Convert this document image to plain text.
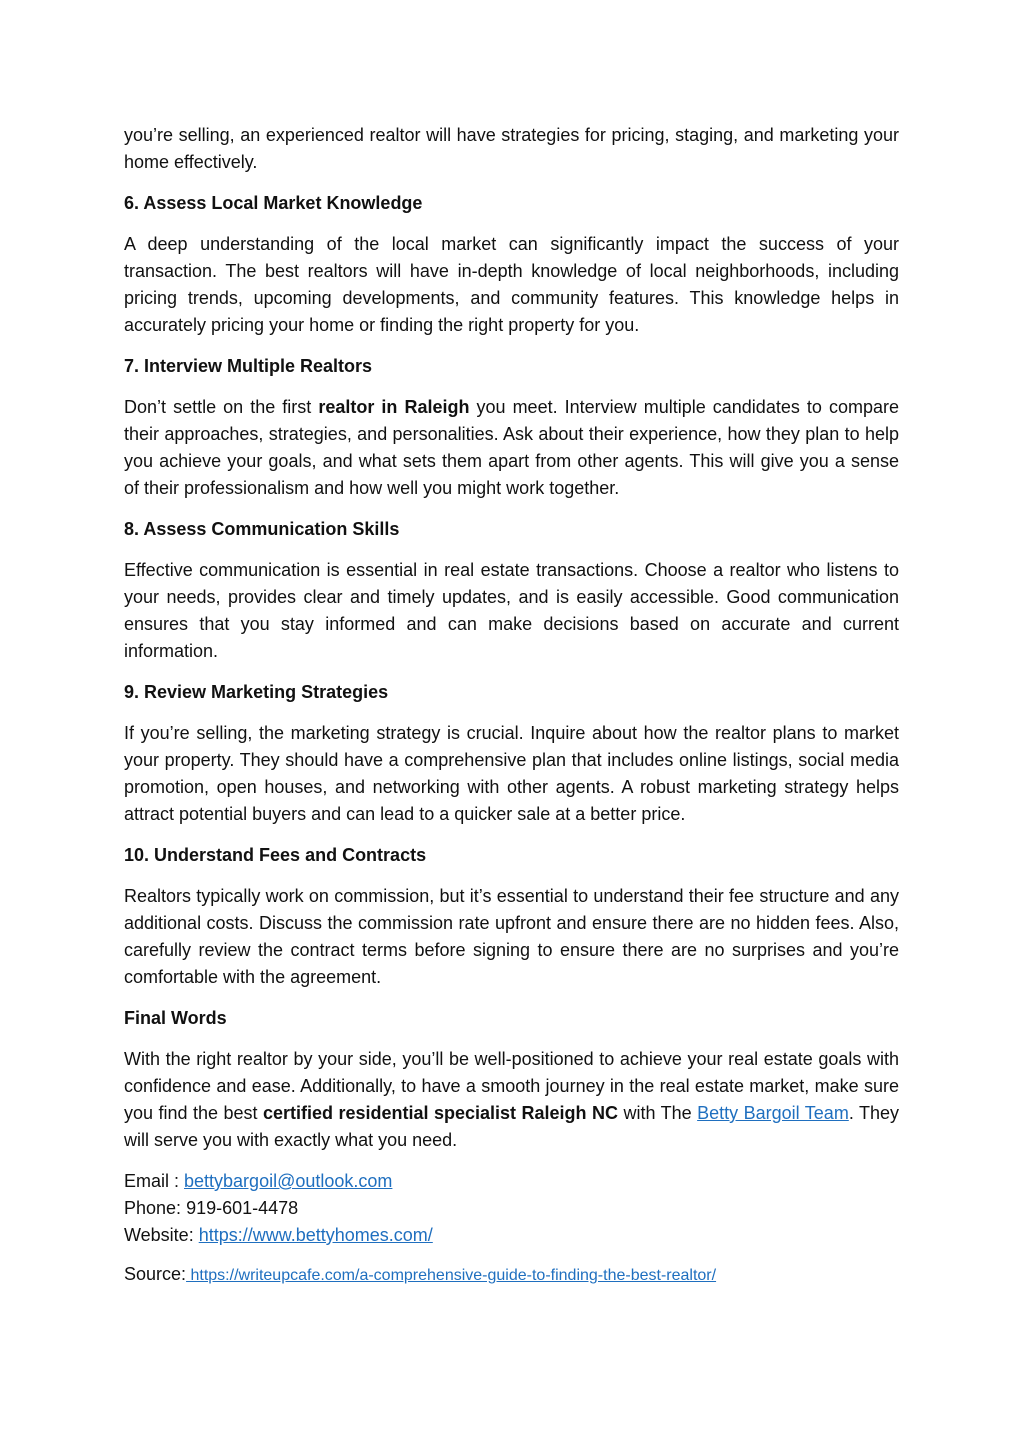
you’re selling, an experienced realtor will have strategies for pricing, staging, and marketing your home effectively.

6. Assess Local Market Knowledge

A deep understanding of the local market can significantly impact the success of your transaction. The best realtors will have in-depth knowledge of local neighborhoods, including pricing trends, upcoming developments, and community features. This knowledge helps in accurately pricing your home or finding the right property for you.

7. Interview Multiple Realtors

Don’t settle on the first realtor in Raleigh you meet. Interview multiple candidates to compare their approaches, strategies, and personalities. Ask about their experience, how they plan to help you achieve your goals, and what sets them apart from other agents. This will give you a sense of their professionalism and how well you might work together.

8. Assess Communication Skills

Effective communication is essential in real estate transactions. Choose a realtor who listens to your needs, provides clear and timely updates, and is easily accessible. Good communication ensures that you stay informed and can make decisions based on accurate and current information.

9. Review Marketing Strategies

If you’re selling, the marketing strategy is crucial. Inquire about how the realtor plans to market your property. They should have a comprehensive plan that includes online listings, social media promotion, open houses, and networking with other agents. A robust marketing strategy helps attract potential buyers and can lead to a quicker sale at a better price.

10. Understand Fees and Contracts

Realtors typically work on commission, but it’s essential to understand their fee structure and any additional costs. Discuss the commission rate upfront and ensure there are no hidden fees. Also, carefully review the contract terms before signing to ensure there are no surprises and you’re comfortable with the agreement.

Final Words

With the right realtor by your side, you’ll be well-positioned to achieve your real estate goals with confidence and ease. Additionally, to have a smooth journey in the real estate market, make sure you find the best certified residential specialist Raleigh NC with The Betty Bargoil Team. They will serve you with exactly what you need.

Email : bettybargoil@outlook.com

Phone: 919-601-4478

Website: https://www.bettyhomes.com/

Source: https://writeupcafe.com/a-comprehensive-guide-to-finding-the-best-realtor/
